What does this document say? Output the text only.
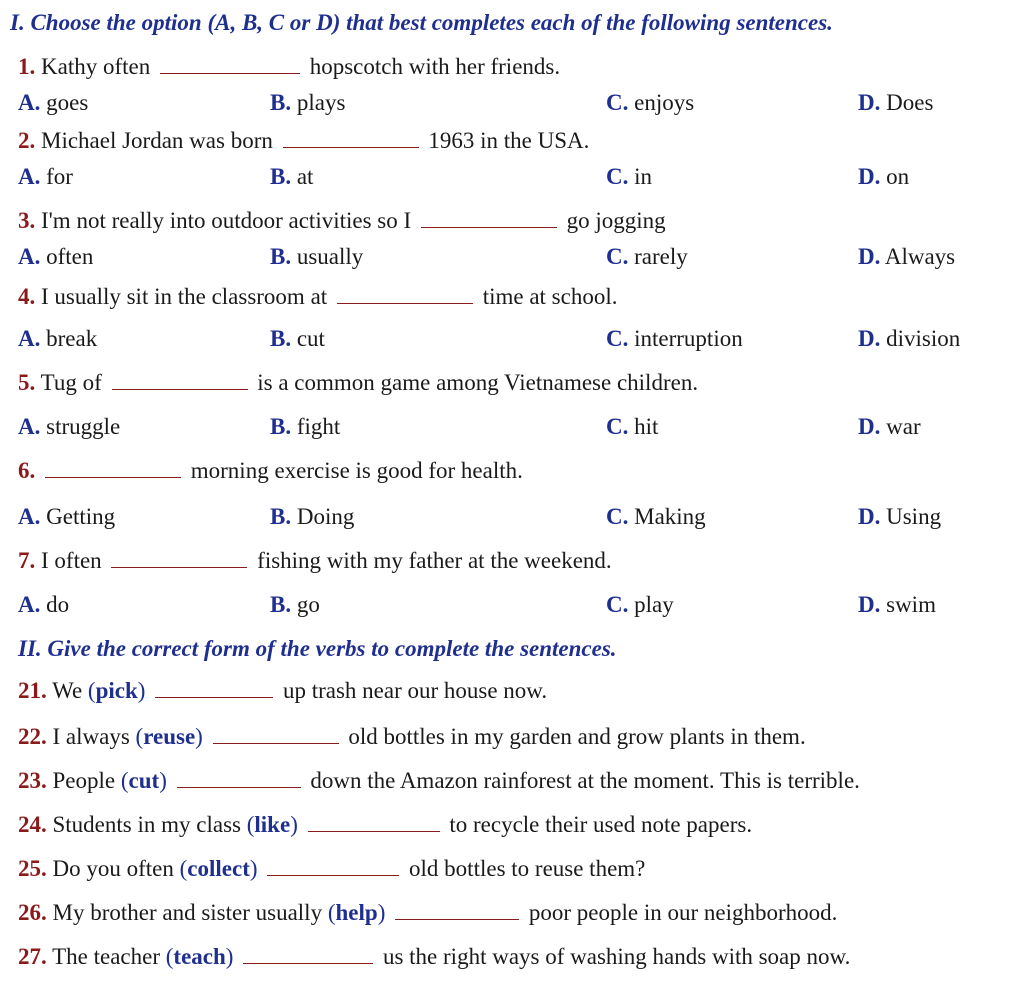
I. Choose the option (A, B, C or D) that best completes each of the following sentences.
1. Kathy often	hopscotch with her friends.
A. goes	B. plays	C. enjoys	D. Does
2. Michael Jordan was born	1963 in the USA.
A. for	B. at	C. in	D. on
3. I'm not really into outdoor activities so I	go jogging
A. often	B. usually	C. rarely	D. Always
4. I usually sit in the classroom at	time at school.
A. break	B. cut	C. interruption	D. division
5. Tug of	is a common game among Vietnamese children.
A. struggle	B. fight	C. hit	D. war
6.	morning exercise is good for health.
A. Getting	B. Doing	C. Making	D. Using
7. I often	fishing with my father at the weekend.
A. do	B. go	C. play	D. swim
II. Give the correct form of the verbs to complete the sentences.
21. We (pick)	up trash near our house now.
22. I always (reuse)	old bottles in my garden and grow plants in them.
23. People (cut)	down the Amazon rainforest at the moment. This is terrible.
24. Students in my class (like)	to recycle their used note papers.
25. Do you often (collect)	old bottles to reuse them?
26. My brother and sister usually (help)	poor people in our neighborhood.
27. The teacher (teach)	us the right ways of washing hands with soap now.
